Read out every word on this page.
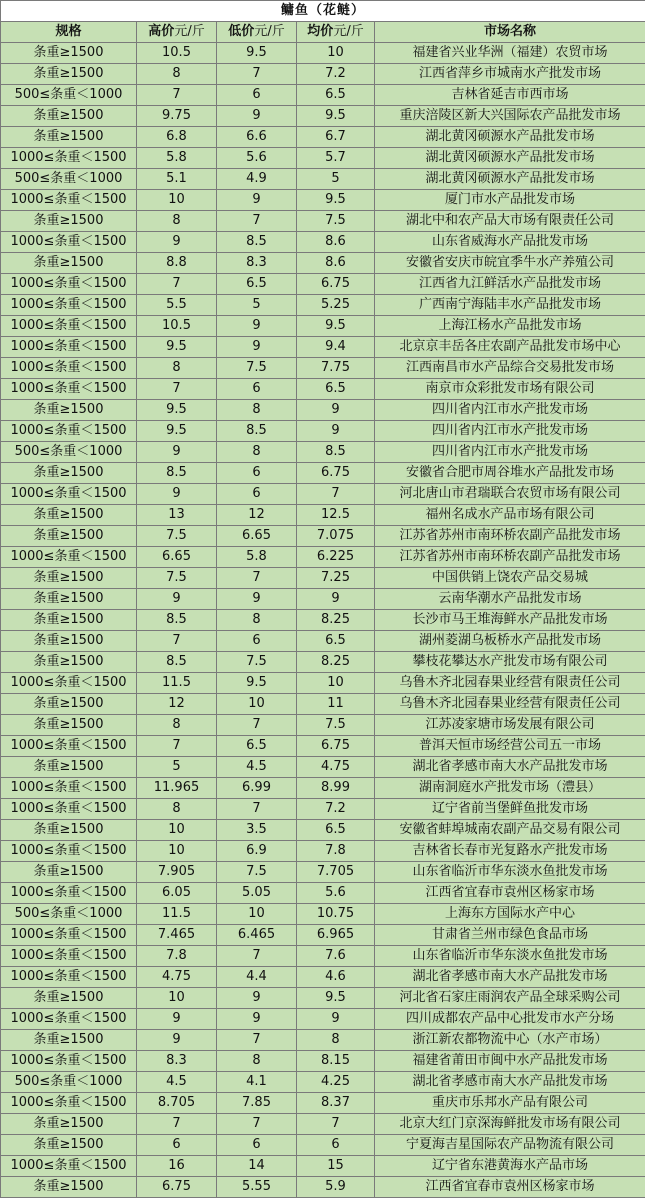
鳙鱼（花鲢）				
规格	高价元/斤	低价元/斤	均价元/斤	市场名称
条重≥1500	10.5	9.5	10	福建省兴业华洲（福建）农贸市场
条重≥1500	8	7	7.2	江西省萍乡市城南水产批发市场
500≤条重＜1000	7	6	6.5	吉林省延吉市西市场
条重≥1500	9.75	9	9.5	重庆涪陵区新大兴国际农产品批发市场
条重≥1500	6.8	6.6	6.7	湖北黄冈硕源水产品批发市场
1000≤条重＜1500	5.8	5.6	5.7	湖北黄冈硕源水产品批发市场
500≤条重＜1000	5.1	4.9	5	湖北黄冈硕源水产品批发市场
1000≤条重＜1500	10	9	9.5	厦门市水产品批发市场
条重≥1500	8	7	7.5	湖北中和农产品大市场有限责任公司
1000≤条重＜1500	9	8.5	8.6	山东省威海水产品批发市场
条重≥1500	8.8	8.3	8.6	安徽省安庆市皖宜季牛水产养殖公司
1000≤条重＜1500	7	6.5	6.75	江西省九江鲜活水产品批发市场
1000≤条重＜1500	5.5	5	5.25	广西南宁海陆丰水产品批发市场
1000≤条重＜1500	10.5	9	9.5	上海江杨水产品批发市场
1000≤条重＜1500	9.5	9	9.4	北京京丰岳各庄农副产品批发市场中心
1000≤条重＜1500	8	7.5	7.75	江西南昌市水产品综合交易批发市场
1000≤条重＜1500	7	6	6.5	南京市众彩批发市场有限公司
条重≥1500	9.5	8	9	四川省内江市水产批发市场
1000≤条重＜1500	9.5	8.5	9	四川省内江市水产批发市场
500≤条重＜1000	9	8	8.5	四川省内江市水产批发市场
条重≥1500	8.5	6	6.75	安徽省合肥市周谷堆水产品批发市场
1000≤条重＜1500	9	6	7	河北唐山市君瑞联合农贸市场有限公司
条重≥1500	13	12	12.5	福州名成水产品市场有限公司
条重≥1500	7.5	6.65	7.075	江苏省苏州市南环桥农副产品批发市场
1000≤条重＜1500	6.65	5.8	6.225	江苏省苏州市南环桥农副产品批发市场
条重≥1500	7.5	7	7.25	中国供销上饶农产品交易城
条重≥1500	9	9	9	云南华潮水产品批发市场
条重≥1500	8.5	8	8.25	长沙市马王堆海鲜水产品批发市场
条重≥1500	7	6	6.5	湖州菱湖乌板桥水产品批发市场
条重≥1500	8.5	7.5	8.25	攀枝花攀达水产批发市场有限公司
1000≤条重＜1500	11.5	9.5	10	乌鲁木齐北园春果业经营有限责任公司
条重≥1500	12	10	11	乌鲁木齐北园春果业经营有限责任公司
条重≥1500	8	7	7.5	江苏凌家塘市场发展有限公司
1000≤条重＜1500	7	6.5	6.75	普洱天恒市场经营公司五一市场
条重≥1500	5	4.5	4.75	湖北省孝感市南大水产品批发市场
1000≤条重＜1500	11.965	6.99	8.99	湖南洞庭水产批发市场（澧县）
1000≤条重＜1500	8	7	7.2	辽宁省前当堡鲜鱼批发市场
条重≥1500	10	3.5	6.5	安徽省蚌埠城南农副产品交易有限公司
1000≤条重＜1500	10	6.9	7.8	吉林省长春市光复路水产批发市场
条重≥1500	7.905	7.5	7.705	山东省临沂市华东淡水鱼批发市场
1000≤条重＜1500	6.05	5.05	5.6	江西省宜春市袁州区杨家市场
500≤条重＜1000	11.5	10	10.75	上海东方国际水产中心
1000≤条重＜1500	7.465	6.465	6.965	甘肃省兰州市绿色食品市场
1000≤条重＜1500	7.8	7	7.6	山东省临沂市华东淡水鱼批发市场
1000≤条重＜1500	4.75	4.4	4.6	湖北省孝感市南大水产品批发市场
条重≥1500	10	9	9.5	河北省石家庄雨润农产品全球采购公司
1000≤条重＜1500	9	9	9	四川成都农产品中心批发市水产分场
条重≥1500	9	7	8	浙江新农都物流中心（水产市场）
1000≤条重＜1500	8.3	8	8.15	福建省莆田市闽中水产品批发市场
500≤条重＜1000	4.5	4.1	4.25	湖北省孝感市南大水产品批发市场
1000≤条重＜1500	8.705	7.85	8.37	重庆市乐邦水产品有限公司
条重≥1500	7	7	7	北京大红门京深海鲜批发市场有限公司
条重≥1500	6	6	6	宁夏海吉星国际农产品物流有限公司
1000≤条重＜1500	16	14	15	辽宁省东港黄海水产品市场
条重≥1500	6.75	5.55	5.9	江西省宜春市袁州区杨家市场
